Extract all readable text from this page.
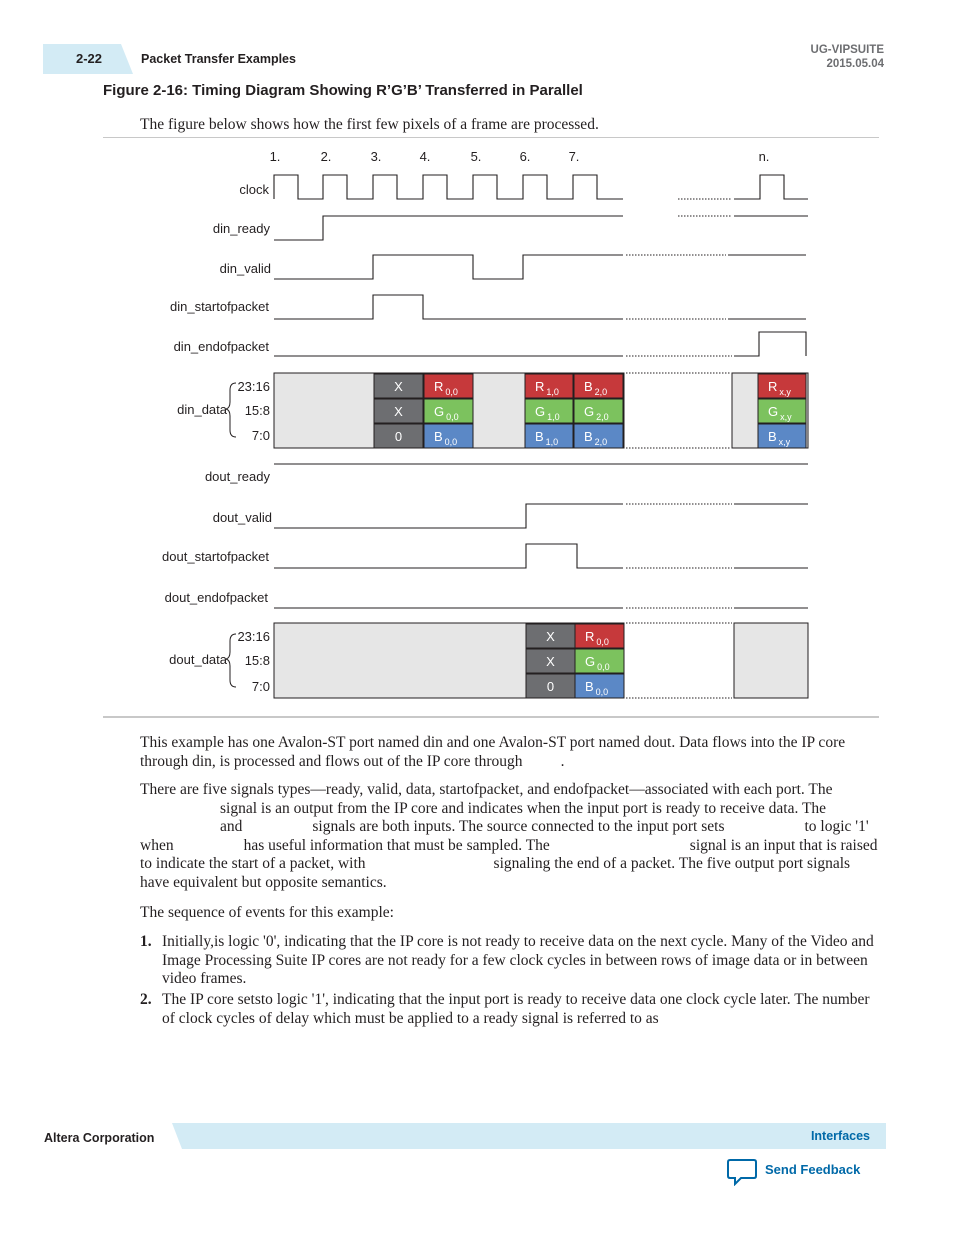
2-22	Packet Transfer Examples
UG-VIPSUITE
2015.05.04
Figure 2-16: Timing Diagram Showing R’G’B’ Transferred in Parallel
The figure below shows how the first few pixels of a frame are processed.
X
X
0
R $_{0,0}$
G $_{0,0}$
B $_{0,0}$
R $_{1,0}$
G $_{1,0}$
B $_{1,0}$
B $_{2,0}$
G $_{2,0}$
B $_{2,0}$
R $_{x,y}$
G $_{x,y}$
B $_{x,y}$
X
X
0
R $_{0,0}$
G $_{0,0}$
B $_{0,0}$
clock
din_ready
din_valid
din_startofpacket
din_endofpacket
din_data
23:16
15:8
7:0
dout_ready
dout_valid
dout_startofpacket
dout_endofpacket
dout_data
23:16
15:8
7:0
1.	2.	3.	4.	5.	6.	7.	n.
This example has one Avalon-ST port named din and one Avalon-ST port named dout. Data flows into the IP core through din, is processed and flows out of the IP core through .
There are five signals types—ready, valid, data, startofpacket, and endofpacket—associated with each port. Thesignal is an output from the IP core and indicates when the input port is ready to receive data. Theand	signals are both inputs. The source connected to the input port sets	to logic '1' when	has useful information that must be sampled. The	signal is an input that is raised to indicate the start of a packet, with	signaling the end of a packet. The five output port signals have equivalent but opposite semantics.
The sequence of events for this example:
1. Initially,is logic '0', indicating that the IP core is not ready to receive data on the next cycle. Many of the Video and Image Processing Suite IP cores are not ready for a few clock cycles in between rows of image data or in between video frames.
2. The IP core setsto logic '1', indicating that the input port is ready to receive data one clock cycle later. The number of clock cycles of delay which must be applied to a ready signal is referred to as
Altera Corporation	Interfaces
Send Feedback
